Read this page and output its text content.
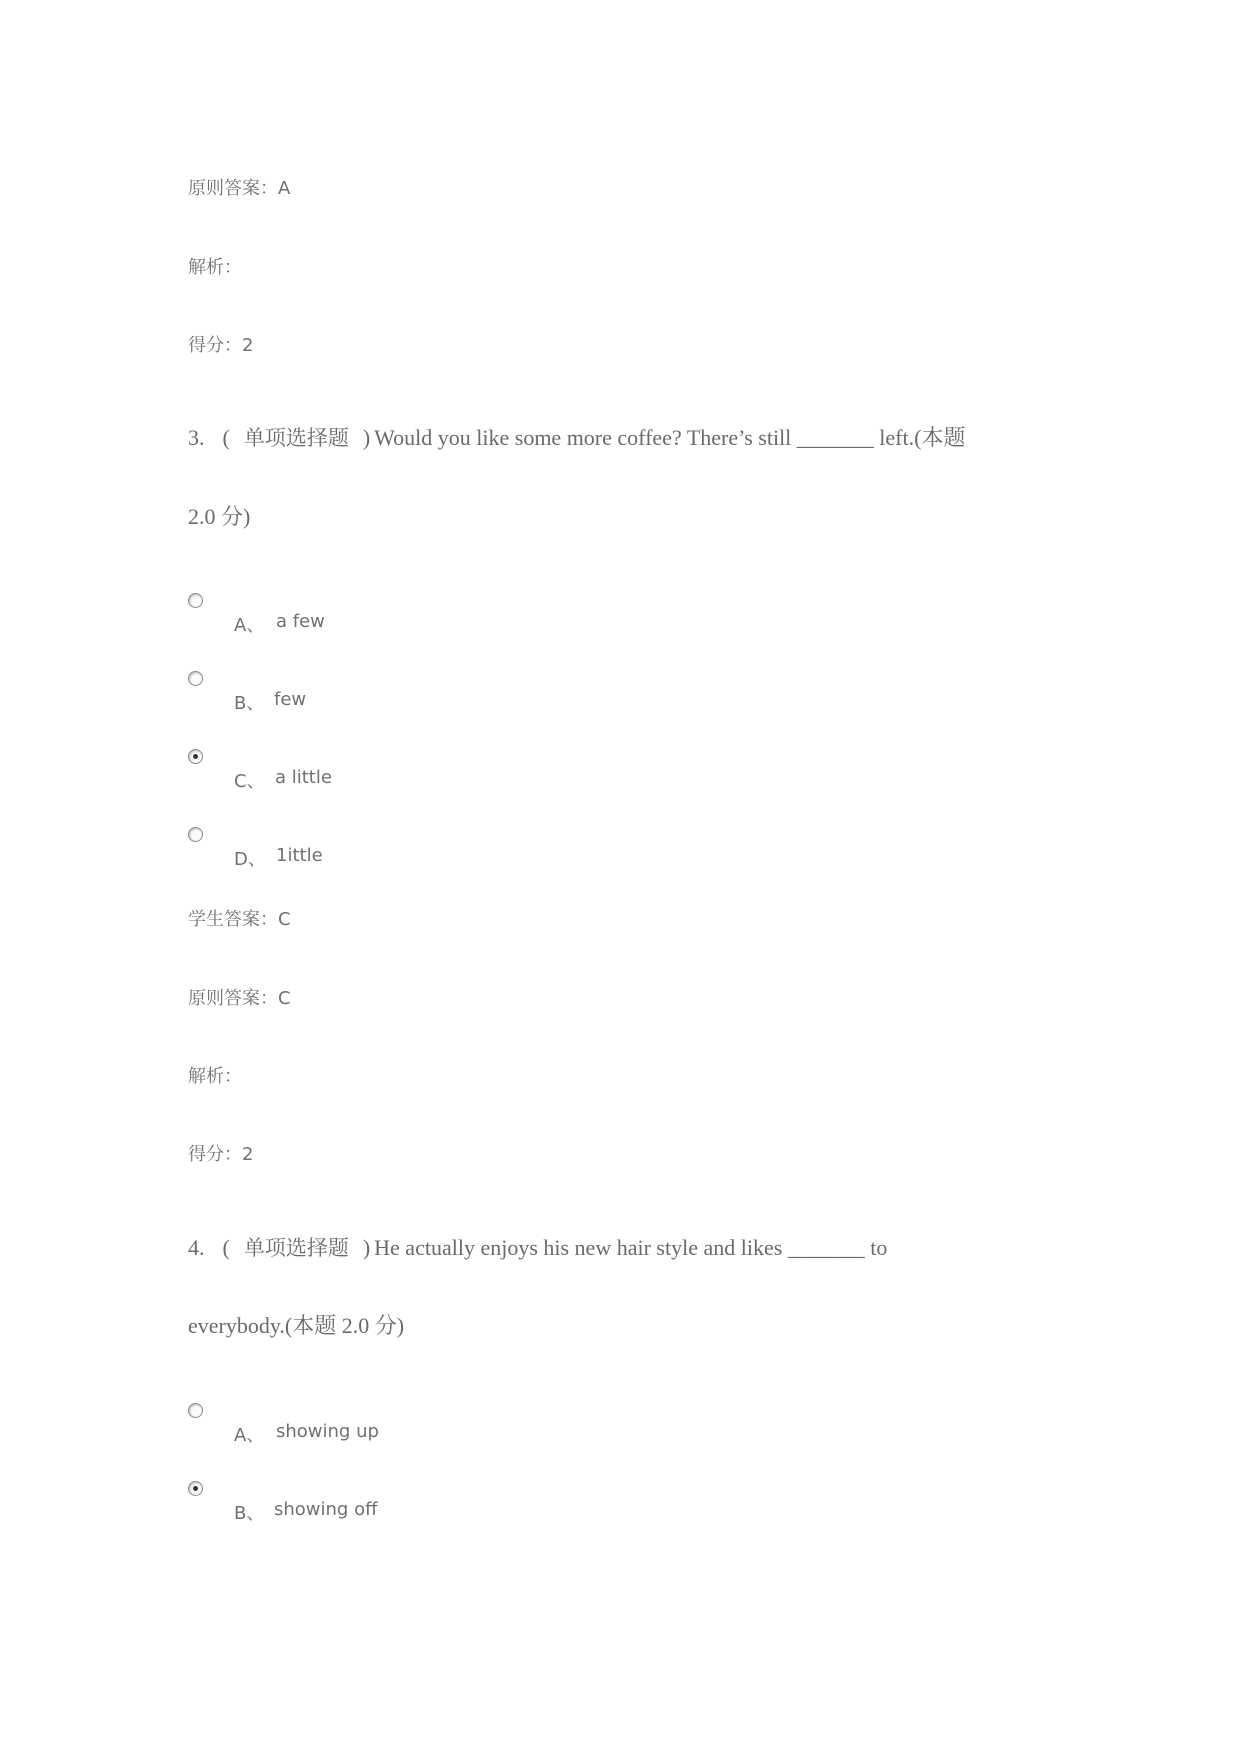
原则答案：A
解析：
得分：2
3. ( 单项选择题 ) Would you like some more coffee? There’s still _______ left.(本题
2.0 分)
A、 a few
B、 few
C、 a little
D、 1ittle
学生答案：C
原则答案：C
解析：
得分：2
4. ( 单项选择题 ) He actually enjoys his new hair style and likes _______ to
everybody.(本题 2.0 分)
A、 showing up
B、 showing off
